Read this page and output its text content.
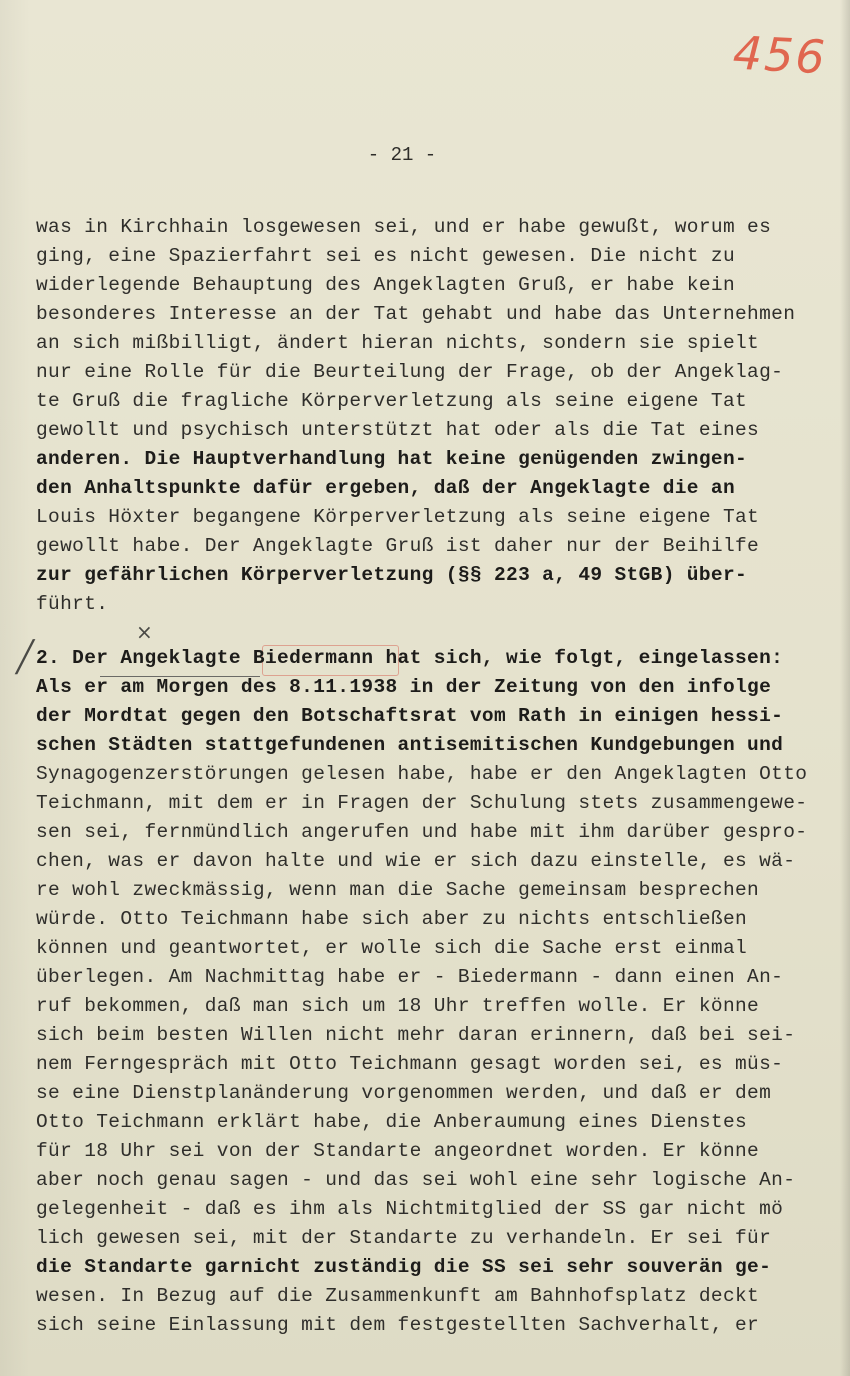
456
- 21 -
×
╱
was in Kirchhain losgewesen sei, und er habe gewußt, worum es
ging, eine Spazierfahrt sei es nicht gewesen. Die nicht zu
widerlegende Behauptung des Angeklagten Gruß, er habe kein
besonderes Interesse an der Tat gehabt und habe das Unternehmen
an sich mißbilligt, ändert hieran nichts, sondern sie spielt
nur eine Rolle für die Beurteilung der Frage, ob der Angeklag-
te Gruß die fragliche Körperverletzung als seine eigene Tat
gewollt und psychisch unterstützt hat oder als die Tat eines
anderen. Die Hauptverhandlung hat keine genügenden zwingen-
den Anhaltspunkte dafür ergeben, daß der Angeklagte die an
Louis Höxter begangene Körperverletzung als seine eigene Tat
gewollt habe. Der Angeklagte Gruß ist daher nur der Beihilfe
zur gefährlichen Körperverletzung (§§ 223 a, 49 StGB) über-
führt.
2. Der Angeklagte Biedermann hat sich, wie folgt, eingelassen:
Als er am Morgen des 8.11.1938 in der Zeitung von den infolge
der Mordtat gegen den Botschaftsrat vom Rath in einigen hessi-
schen Städten stattgefundenen antisemitischen Kundgebungen und
Synagogenzerstörungen gelesen habe, habe er den Angeklagten Otto
Teichmann, mit dem er in Fragen der Schulung stets zusammengewe-
sen sei, fernmündlich angerufen und habe mit ihm darüber gespro-
chen, was er davon halte und wie er sich dazu einstelle, es wä-
re wohl zweckmässig, wenn man die Sache gemeinsam besprechen
würde. Otto Teichmann habe sich aber zu nichts entschließen
können und geantwortet, er wolle sich die Sache erst einmal
überlegen. Am Nachmittag habe er - Biedermann - dann einen An-
ruf bekommen, daß man sich um 18 Uhr treffen wolle. Er könne
sich beim besten Willen nicht mehr daran erinnern, daß bei sei-
nem Ferngespräch mit Otto Teichmann gesagt worden sei, es müs-
se eine Dienstplanänderung vorgenommen werden, und daß er dem
Otto Teichmann erklärt habe, die Anberaumung eines Dienstes
für 18 Uhr sei von der Standarte angeordnet worden. Er könne
aber noch genau sagen - und das sei wohl eine sehr logische An-
gelegenheit - daß es ihm als Nichtmitglied der SS gar nicht mö
lich gewesen sei, mit der Standarte zu verhandeln. Er sei für
die Standarte garnicht zuständig die SS sei sehr souverän ge-
wesen. In Bezug auf die Zusammenkunft am Bahnhofsplatz deckt
sich seine Einlassung mit dem festgestellten Sachverhalt, er
